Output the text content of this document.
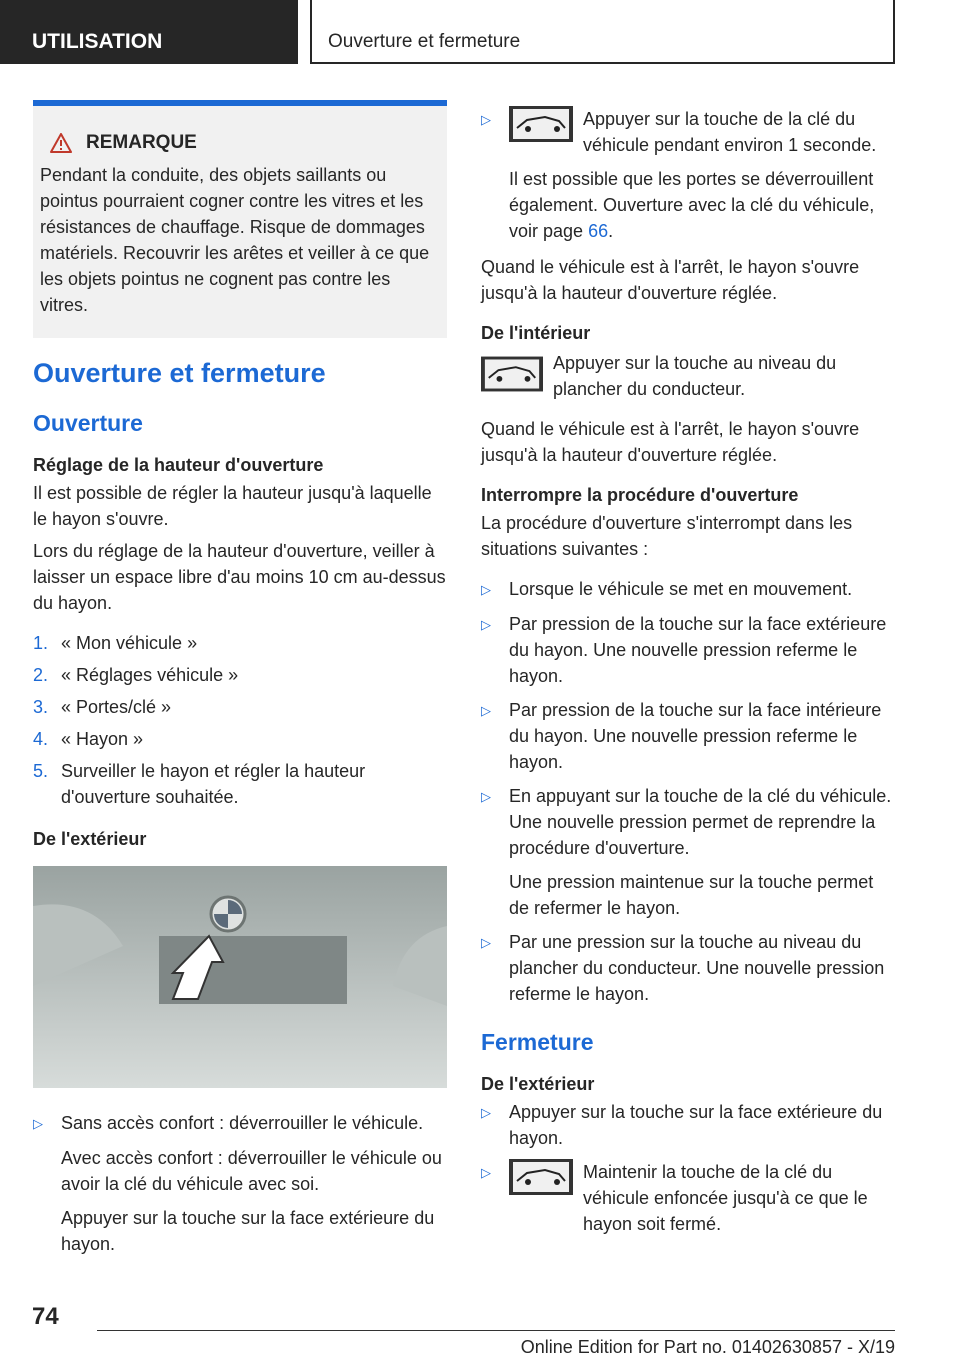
UTILISATION	Ouverture et fermeture
REMARQUE

Pendant la conduite, des objets saillants ou pointus pourraient cogner contre les vitres et les résistances de chauffage. Risque de dommages matériels. Recouvrir les arêtes et veiller à ce que les objets pointus ne cognent pas contre les vitres.

Ouverture et fermeture
Ouverture
Réglage de la hauteur d'ouverture

Il est possible de régler la hauteur jusqu'à laquelle le hayon s'ouvre.

Lors du réglage de la hauteur d'ouverture, veiller à laisser un espace libre d'au moins 10 cm au-dessus du hayon.

1. « Mon véhicule »
2. « Réglages véhicule »
3. « Portes/clé »
4. « Hayon »
5. Surveiller le hayon et régler la hauteur d'ouverture souhaitée.
De l'extérieur
▷	Sans accès confort : déverrouiller le véhicule.

Avec accès confort : déverrouiller le véhicule ou avoir la clé du véhicule avec soi.

Appuyer sur la touche sur la face extérieure du hayon.

▷	Appuyer sur la touche de la clé du véhicule pendant environ 1 seconde.

Il est possible que les portes se déverrouillent également. Ouverture avec la clé du véhicule, voir page 66.

Quand le véhicule est à l'arrêt, le hayon s'ouvre jusqu'à la hauteur d'ouverture réglée.

De l'intérieur
Appuyer sur la touche au niveau du plancher du conducteur.

Quand le véhicule est à l'arrêt, le hayon s'ouvre jusqu'à la hauteur d'ouverture réglée.

Interrompre la procédure d'ouverture

La procédure d'ouverture s'interrompt dans les situations suivantes :

▷	Lorsque le véhicule se met en mouvement.
▷	Par pression de la touche sur la face extérieure du hayon. Une nouvelle pression referme le hayon.
▷	Par pression de la touche sur la face intérieure du hayon. Une nouvelle pression referme le hayon.
▷	En appuyant sur la touche de la clé du véhicule. Une nouvelle pression permet de reprendre la procédure d'ouverture.

Une pression maintenue sur la touche permet de refermer le hayon.

▷	Par une pression sur la touche au niveau du plancher du conducteur. Une nouvelle pression referme le hayon.
Fermeture
De l'extérieur
▷	Appuyer sur la touche sur la face extérieure du hayon.
▷	Maintenir la touche de la clé du véhicule enfoncée jusqu'à ce que le hayon soit fermé.
74
Online Edition for Part no. 01402630857 - X/19
